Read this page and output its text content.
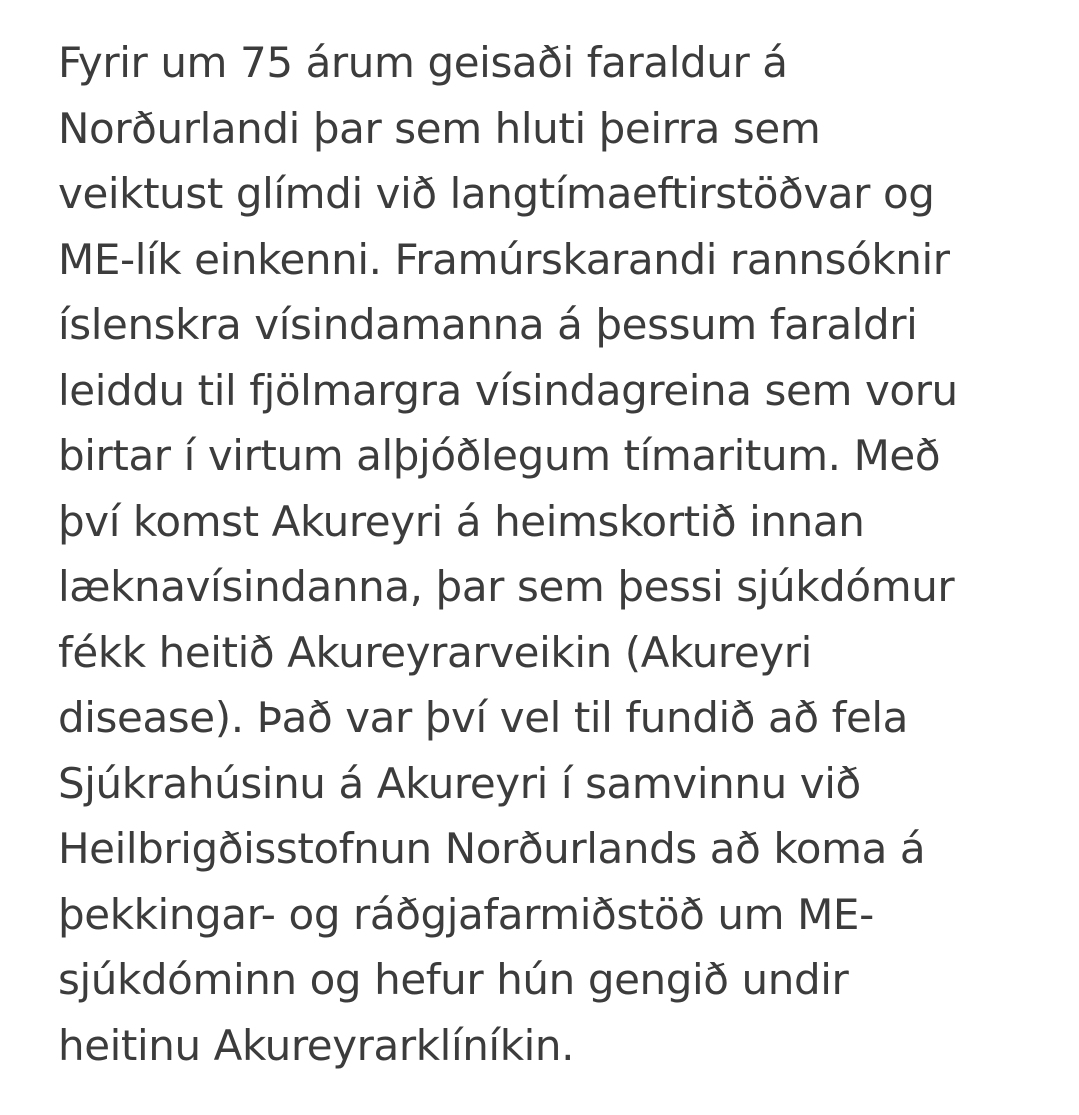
Fyrir um 75 árum geisaði faraldur á
Norðurlandi þar sem hluti þeirra sem
veiktust glímdi við langtímaeftirstöðvar og
ME-lík einkenni. Framúrskarandi rannsóknir
íslenskra vísindamanna á þessum faraldri
leiddu til fjölmargra vísindagreina sem voru
birtar í virtum alþjóðlegum tímaritum. Með
því komst Akureyri á heimskortið innan
læknavísindanna, þar sem þessi sjúkdómur
fékk heitið Akureyrarveikin (Akureyri
disease). Það var því vel til fundið að fela
Sjúkrahúsinu á Akureyri í samvinnu við
Heilbrigðisstofnun Norðurlands að koma á
þekkingar- og ráðgjafarmiðstöð um ME-
sjúkdóminn og hefur hún gengið undir
heitinu Akureyrarklíníkin.
